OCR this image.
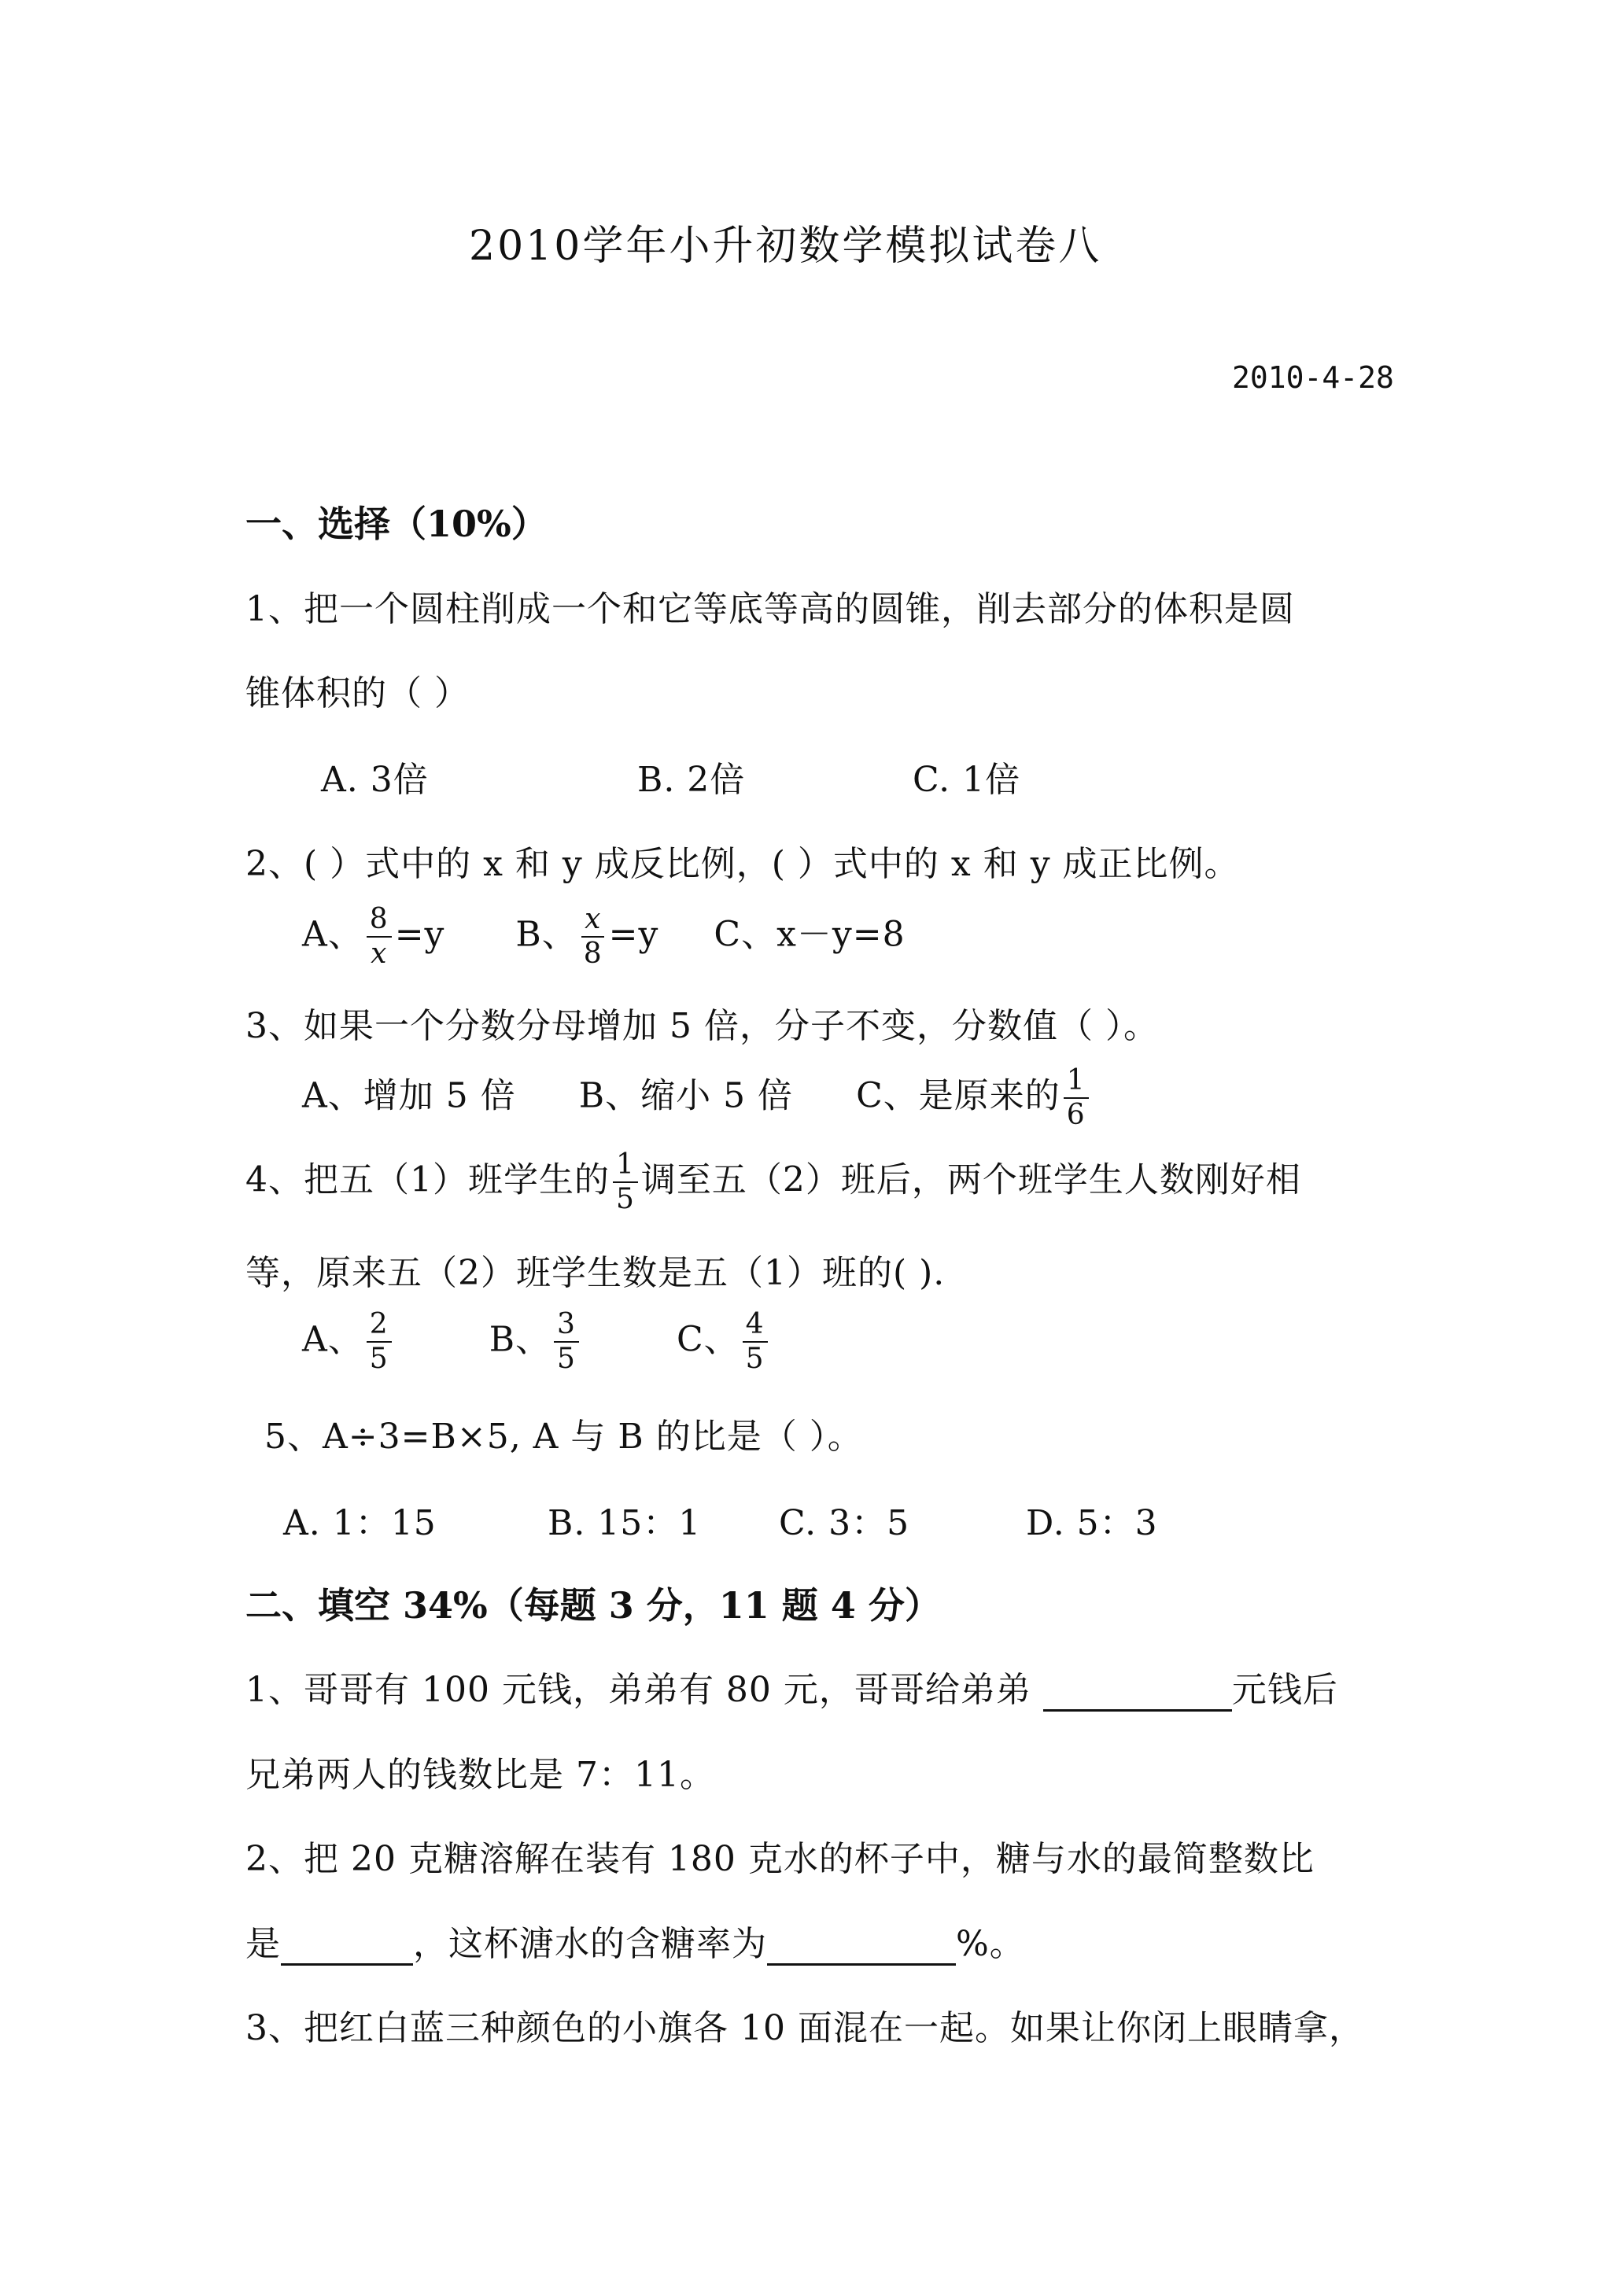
2010学年小升初数学模拟试卷八
2010-4-28
一、选择（10%）
1、把一个圆柱削成一个和它等底等高的圆锥，削去部分的体积是圆
锥体积的（ ）
A. 3倍	B. 2倍	C. 1倍
2、( ）式中的 x 和 y 成反比例，( ）式中的 x 和 y 成正比例。
A、 $\frac{8}{x} =y$ B、 $\frac{x}{8} =y$ C、x－y=8
3、如果一个分数分母增加 5 倍，分子不变，分数值（ ）。
A、增加 5 倍 B、缩小 5 倍 C、是原来的 $\frac{1}{6}$
4、把五（1）班学生的 $\frac{1}{5}$ 调至五（2）班后，两个班学生人数刚好相
等，原来五（2）班学生数是五（1）班的( ).
A、 $\frac{2}{5}$	B、 $\frac{3}{5}$	C、 $\frac{4}{5}$
5、A÷3=B×5, A 与 B 的比是（ ）。
A. 1：15	B. 15：1 C. 3：5	D. 5：3
二、填空 34%（每题 3 分，11 题 4 分）
1、哥哥有 100 元钱，弟弟有 80 元，哥哥给弟弟	元钱后
兄弟两人的钱数比是 7：11。
2、把 20 克糖溶解在装有 180 克水的杯子中，糖与水的最简整数比
是	，这杯溏水的含糖率为	%。
3、把红白蓝三种颜色的小旗各 10 面混在一起。如果让你闭上眼睛拿，
